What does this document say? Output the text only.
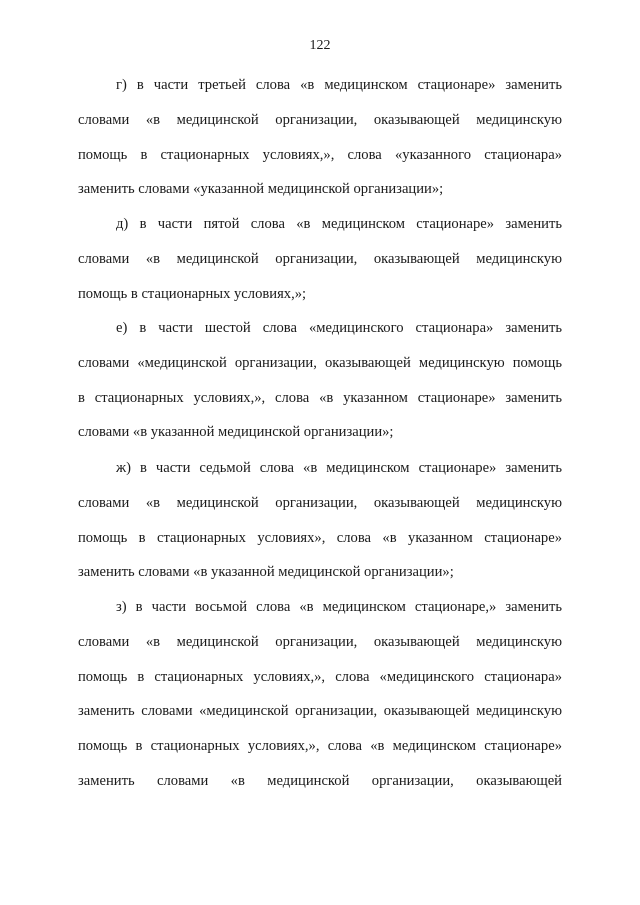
122
г) в части третьей слова «в медицинском стационаре» заменить
словами «в медицинской организации, оказывающей медицинскую
помощь в стационарных условиях,», слова «указанного стационара»
заменить словами «указанной медицинской организации»;
д) в части пятой слова «в медицинском стационаре» заменить
словами «в медицинской организации, оказывающей медицинскую
помощь в стационарных условиях,»;
е) в части шестой слова «медицинского стационара» заменить
словами «медицинской организации, оказывающей медицинскую помощь
в стационарных условиях,», слова «в указанном стационаре» заменить
словами «в указанной медицинской организации»;
ж) в части седьмой слова «в медицинском стационаре» заменить
словами «в медицинской организации, оказывающей медицинскую
помощь в стационарных условиях», слова «в указанном стационаре»
заменить словами «в указанной медицинской организации»;
з) в части восьмой слова «в медицинском стационаре,» заменить
словами «в медицинской организации, оказывающей медицинскую
помощь в стационарных условиях,», слова «медицинского стационара»
заменить словами «медицинской организации, оказывающей медицинскую
помощь в стационарных условиях,», слова «в медицинском стационаре»
заменить словами «в медицинской организации, оказывающей
